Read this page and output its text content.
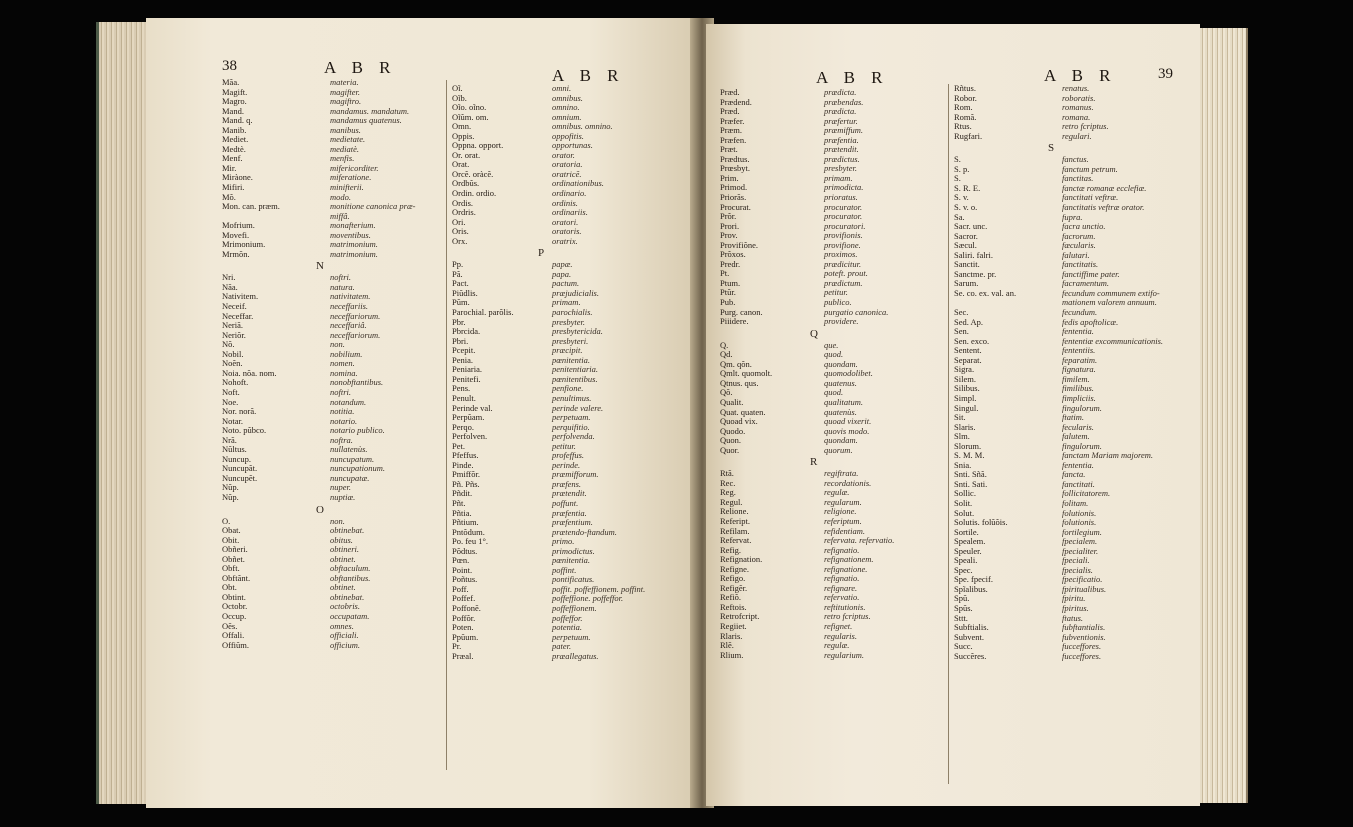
38	A B R	A B R
Mãa.	materia.
Magift.	magifter.
Magro.	magiftro.
Mand.	mandamus. mandatum.
Mand. q.	mandamus quatenus.
Manib.	manibus.
Mediet.	medietate.
Medtè.	mediatè.
Menf.	menfis.
Mir.	mifericorditer.
Miràone.	miferatione.
Mifiri.	minifterii.
Mõ.	modo.
Mon. can. præm.	monitione canonica præ-
miffâ.
Mofrium.	monafterium.
Movefi.	moventibus.
Mrimonium.	matrimonium.
Mrmõn.	matrimonium.
N
Nri.	noftri.
Nãa.	natura.
Nativitem.	nativitatem.
Neceif.	neceffariis.
Neceffar.	neceffariorum.
Neriã.	neceffariâ.
Neriõr.	neceffariorum.
Nõ.	non.
Nobil.	nobilium.
Noẽn.	nomen.
Noia. nõa. nom.	nomina.
Nohoft.	nonobftantibus.
Noft.	noftri.
Noe.	notandum.
Nor. norã.	notitia.
Notar.	notario.
Noto. pũbco.	notario publico.
Nrã.	noftra.
Nũltus.	nullatenùs.
Nuncup.	nuncupatum.
Nuncupãt.	nuncupationum.
Nuncupẽt.	nuncupatæ.
Nũp.	nuper.
Nũp.	nuptiæ.
O
O.	non.
Obat.	obtinebat.
Obit.	obitus.
Obñeri.	obtineri.
Obñet.	obtinet.
Obft.	obftaculum.
Obftãnt.	obftantibus.
Obt.	obtinet.
Obtint.	obtinebat.
Octobr.	octobris.
Occup.	occupatam.
Oẽs.	omnes.
Offali.	officiali.
Offiũm.	officium.
Oĩ.	omni.
Oĩb.	omnibus.
Oĩo. oĩno.	omnino.
Oĩũm. om.	omnium.
Omn.	omnibus. omnino.
Oppis.	oppofitis.
Oppna. opport.	opportunas.
Or. orat.	orator.
Orat.	oratoria.
Orcẽ. oràcẽ.	oratricẽ.
Ordbũs.	ordinationibus.
Ordin. ordio.	ordinario.
Ordis.	ordinis.
Ordris.	ordinariis.
Ori.	oratori.
Oris.	oratoris.
Orx.	oratrix.
P
Pp.	papæ.
Pã.	papa.
Pact.	pactum.
Piũdlis.	præjudicialis.
Pũm.	primam.
Parochial. parõlis.	parochialis.
Pbr.	presbyter.
Pbrcida.	presbytericida.
Pbri.	presbyteri.
Pcepit.	præcipit.
Penia.	pœnitentia.
Peniaria.	penitentiaria.
Penitefi.	pœnitentibus.
Pens.	penfione.
Penult.	penultimus.
Perinde val.	perinde valere.
Perpũam.	perpetuam.
Perqo.	perquifitio.
Perfolven.	perfolvenda.
Pet.	petitur.
Pfeffus.	profeffus.
Pinde.	perinde.
Pmiffõr.	præmifforum.
Pñ. Pñs.	præfens.
Pñdit.	prætendit.
Pñt.	poffunt.
Pñtia.	præfentia.
Pñtium.	præfentium.
Pntõdum.	prætendo-ftandum.
Po. feu 1°.	primo.
Põdtus.	primodictus.
Pœn.	pœnitentia.
Point.	poffint.
Poñtus.	pontificatus.
Poff.	poffit. poffeffionem. poffint.
Poffef.	poffeffione. poffeffor.
Poffonẽ.	poffeffionem.
Poffõr.	poffeffor.
Poten.	potentia.
Ppũum.	perpetuum.
Pr.	pater.
Præal.	præallegatus.
A B R	A B R	39
Præd.	prædicta.
Prædend.	præbendas.
Præd.	prædicta.
Præfer.	præfertur.
Præm.	præmiffum.
Præfen.	præfentia.
Præt.	prætendit.
Prædtus.	prædictus.
Prœsbyt.	presbyter.
Prim.	primam.
Primod.	primodicta.
Priorãs.	prioratus.
Procurat.	procurator.
Prõr.	procurator.
Prori.	procuratori.
Prov.	provifionis.
Provifiõne.	provifione.
Prõxos.	proximos.
Predr.	prædicitur.
Pt.	poteft. prout.
Ptum.	prædictum.
Ptũr.	petitur.
Pub.	publico.
Purg. canon.	purgatio canonica.
Piiidere.	providere.
Q
Q.	que.
Qd.	quod.
Qm. qõn.	quondam.
Qmlt. quomolt.	quomodolibet.
Qtnus. qus.	quatenus.
Qõ.	quod.
Qualit.	qualitatum.
Quat. quaten.	quatenùs.
Quoad vix.	quoad vixerit.
Quodo.	quovis modo.
Quon.	quondam.
Quor.	quorum.
R
Rtã.	regiftrata.
Rec.	recordationis.
Reg.	regulæ.
Regul.	regularum.
Relione.	religione.
Refeript.	referiptum.
Refilam.	refidentiam.
Refervat.	refervata. refervatio.
Refig.	refignatio.
Refignation.	refignationem.
Refigne.	refignatione.
Refigo.	refignatio.
Refigẽr.	refignare.
Refiõ.	refervatio.
Reftois.	reftitutionis.
Retrofcript.	retro fcriptus.
Regiiet.	refignet.
Rlaris.	regularis.
Rlẽ.	regulæ.
Rlium.	regularium.
Rñtus.	renatus.
Robor.	roboratis.
Rom.	romanus.
Romã.	romana.
Rtus.	retro fcriptus.
Rugfari.	regulari.
S
S.	fanctus.
S. p.	fanctum petrum.
S.	fanctitas.
S. R. E.	fanctæ romanæ ecclefiæ.
S. v.	fanctitati veftræ.
S. v. o.	fanctitatis veftræ orator.
Sa.	fupra.
Sacr. unc.	facra unctio.
Sacror.	facrorum.
Sæcul.	fæcularis.
Saliri. falri.	falutari.
Sanctit.	fanctitatis.
Sanctme. pr.	fanctiffime pater.
Sarum.	facramentum.
Se. co. ex. val. an.	fecundum communem extifo-
mationem valorem annuum.
Sec.	fecundum.
Sed. Ap.	fedis apoftolicæ.
Sen.	fententia.
Sen. exco.	fententiæ excommunicationis.
Sentent.	fententiis.
Separat.	feparatim.
Sigra.	fignatura.
Silem.	fimilem.
Silibus.	fimilibus.
Simpl.	fimpliciis.
Singul.	fingulorum.
Sit.	ftatim.
Slaris.	fecularis.
Slm.	falutem.
Slorum.	fingulorum.
S. M. M.	fanctam Mariam majorem.
Snia.	fententia.
Snti. Sñã.	fancta.
Snti. Sati.	fanctitati.
Sollic.	follicitatorem.
Solit.	folitam.
Solut.	folutionis.
Solutis. folũõis.	folutionis.
Sortile.	fortilegium.
Spealem.	fpecialem.
Speuler.	fpecialiter.
Speali.	fpeciali.
Spec.	fpecialis.
Spe. fpecif.	fpecificatio.
Spĩalibus.	fpiritualibus.
Spũ.	fpiritu.
Spũs.	fpiritus.
Sttt.	ftatus.
Subftialis.	fubftantialis.
Subvent.	fubventionis.
Succ.	fucceffores.
Succẽres.	fucceffores.
